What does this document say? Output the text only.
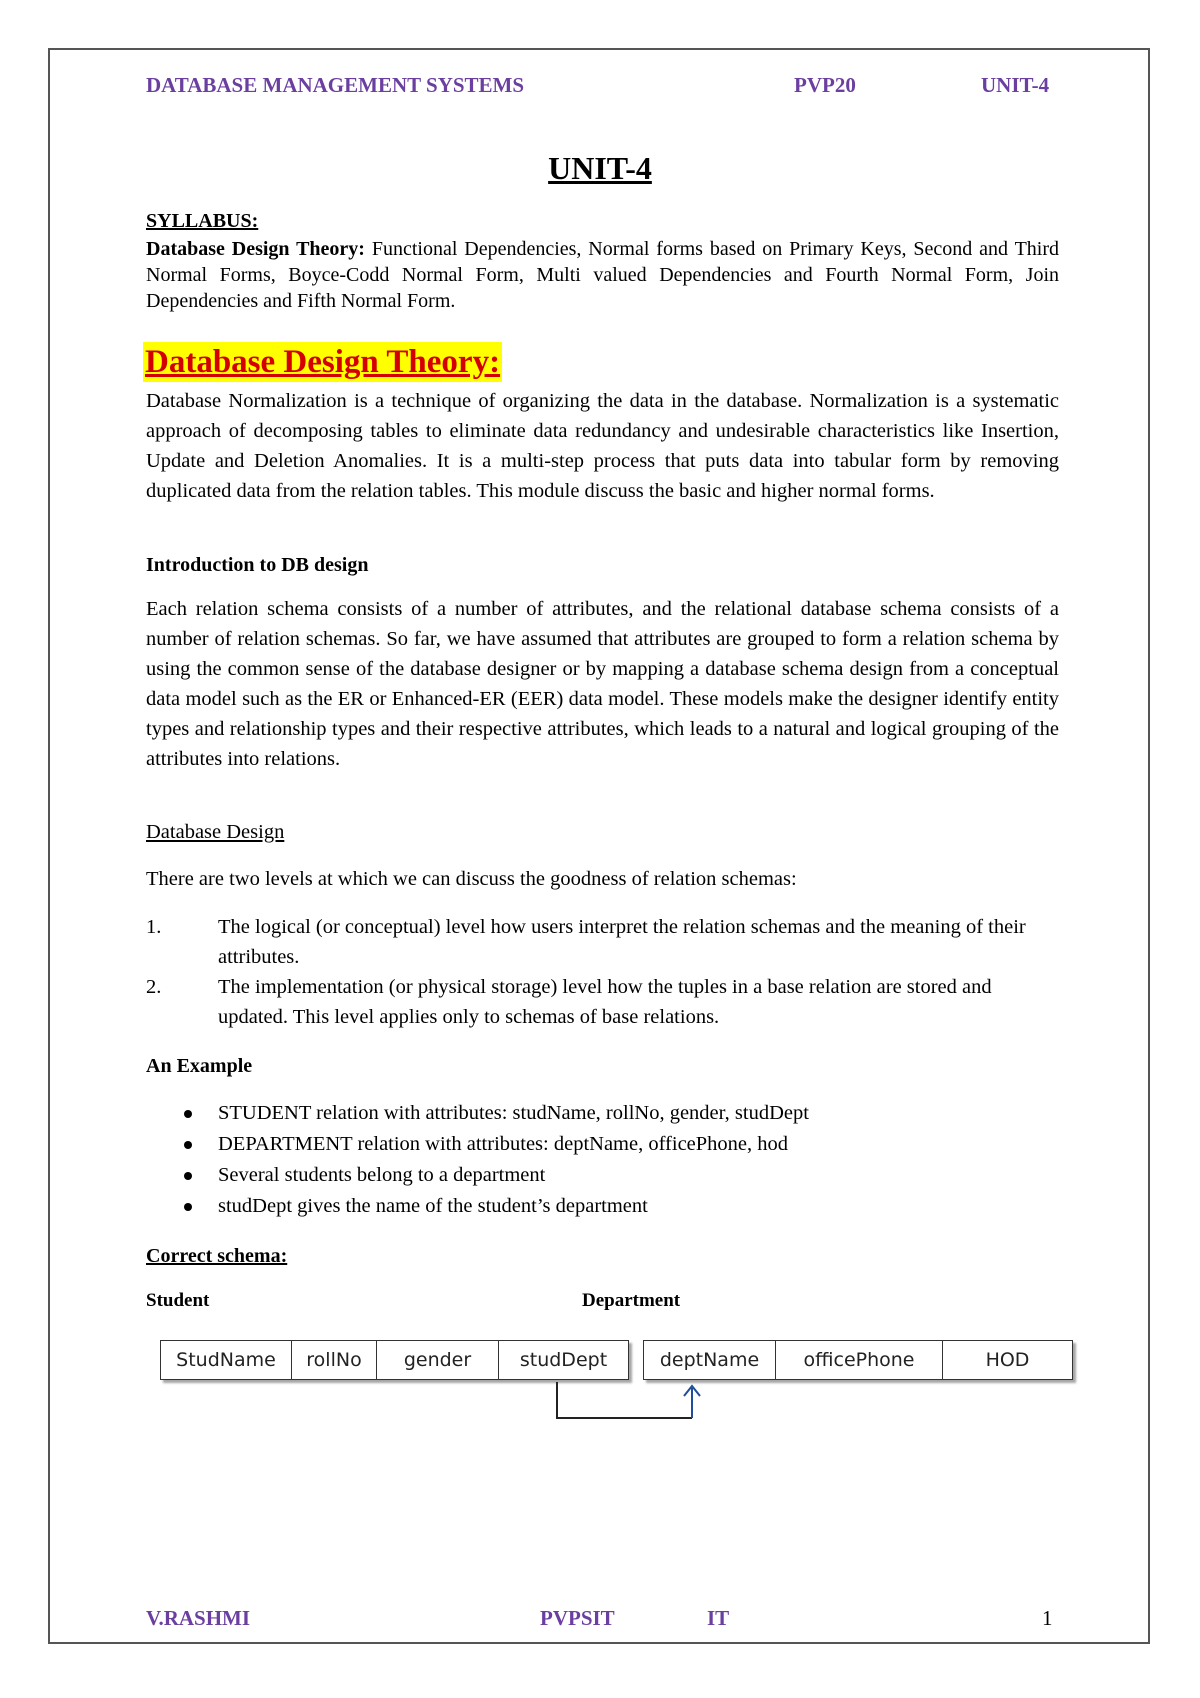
DATABASE MANAGEMENT SYSTEMS	PVP20	UNIT-4
UNIT-4
SYLLABUS:
Database Design Theory: Functional Dependencies, Normal forms based on Primary Keys, Second and Third Normal Forms, Boyce-Codd Normal Form, Multi valued Dependencies and Fourth Normal Form, Join Dependencies and Fifth Normal Form.
Database Design Theory:
Database Normalization is a technique of organizing the data in the database. Normalization is a systematic approach of decomposing tables to eliminate data redundancy and undesirable characteristics like Insertion, Update and Deletion Anomalies. It is a multi-step process that puts data into tabular form by removing duplicated data from the relation tables. This module discuss the basic and higher normal forms.
Introduction to DB design
Each relation schema consists of a number of attributes, and the relational database schema consists of a number of relation schemas. So far, we have assumed that attributes are grouped to form a relation schema by using the common sense of the database designer or by mapping a database schema design from a conceptual data model such as the ER or Enhanced-ER (EER) data model. These models make the designer identify entity types and relationship types and their respective attributes, which leads to a natural and logical grouping of the attributes into relations.
Database Design
There are two levels at which we can discuss the goodness of relation schemas:
1.	The logical (or conceptual) level how users interpret the relation schemas and the meaning of their attributes.
2.	The implementation (or physical storage) level how the tuples in a base relation are stored and updated. This level applies only to schemas of base relations.
An Example
STUDENT relation with attributes: studName, rollNo, gender, studDept
DEPARTMENT relation with attributes: deptName, officePhone, hod
Several students belong to a department
studDept gives the name of the student’s department
Correct schema:
Student	Department
StudName	rollNo	gender	studDept	deptName	officePhone	HOD
V.RASHMI	PVPSIT	IT	1
